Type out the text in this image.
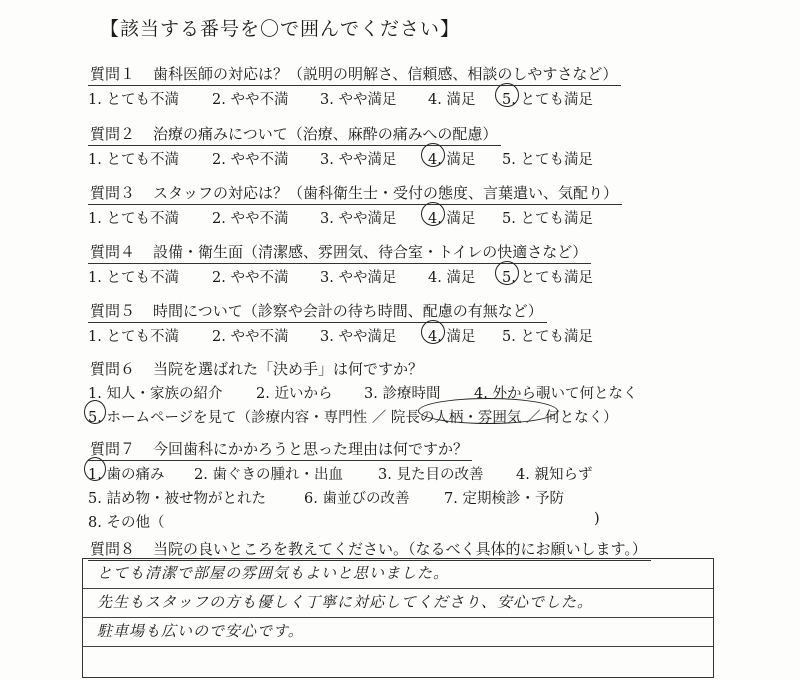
【該当する番号を〇で囲んでください】
質問１ 歯科医師の対応は？（説明の明解さ、信頼感、相談のしやすさなど）
1. とても不満 2. やや不満 3. やや満足 4. 満足 5. とても満足
質問２ 治療の痛みについて（治療、麻酔の痛みへの配慮）
1. とても不満 2. やや不満 3. やや満足 4. 満足 5. とても満足
質問３ スタッフの対応は？（歯科衛生士・受付の態度、言葉遣い、気配り）
1. とても不満 2. やや不満 3. やや満足 4. 満足 5. とても満足
質問４ 設備・衛生面（清潔感、雰囲気、待合室・トイレの快適さなど）
1. とても不満 2. やや不満 3. やや満足 4. 満足 5. とても満足
質問５ 時間について（診察や会計の待ち時間、配慮の有無など）
1. とても不満 2. やや不満 3. やや満足 4. 満足 5. とても満足
質問６ 当院を選ばれた「決め手」は何ですか？
1. 知人・家族の紹介 2. 近いから 3. 診療時間 4. 外から覗いて何となく
5. ホームページを見て（診療内容・専門性 ／ 院長の人柄・雰囲気 ／ 何となく）
質問７ 今回歯科にかかろうと思った理由は何ですか？
1. 歯の痛み 2. 歯ぐきの腫れ・出血 3. 見た目の改善 4. 親知らず
5. 詰め物・被せ物がとれた	6. 歯並びの改善 7. 定期検診・予防
8. その他（	)
質問８ 当院の良いところを教えてください。（なるべく具体的にお願いします。）
とても清潔で部屋の雰囲気もよいと思いました。
先生もスタッフの方も優しく丁寧に対応してくださり、安心でした。
駐車場も広いので安心です。
